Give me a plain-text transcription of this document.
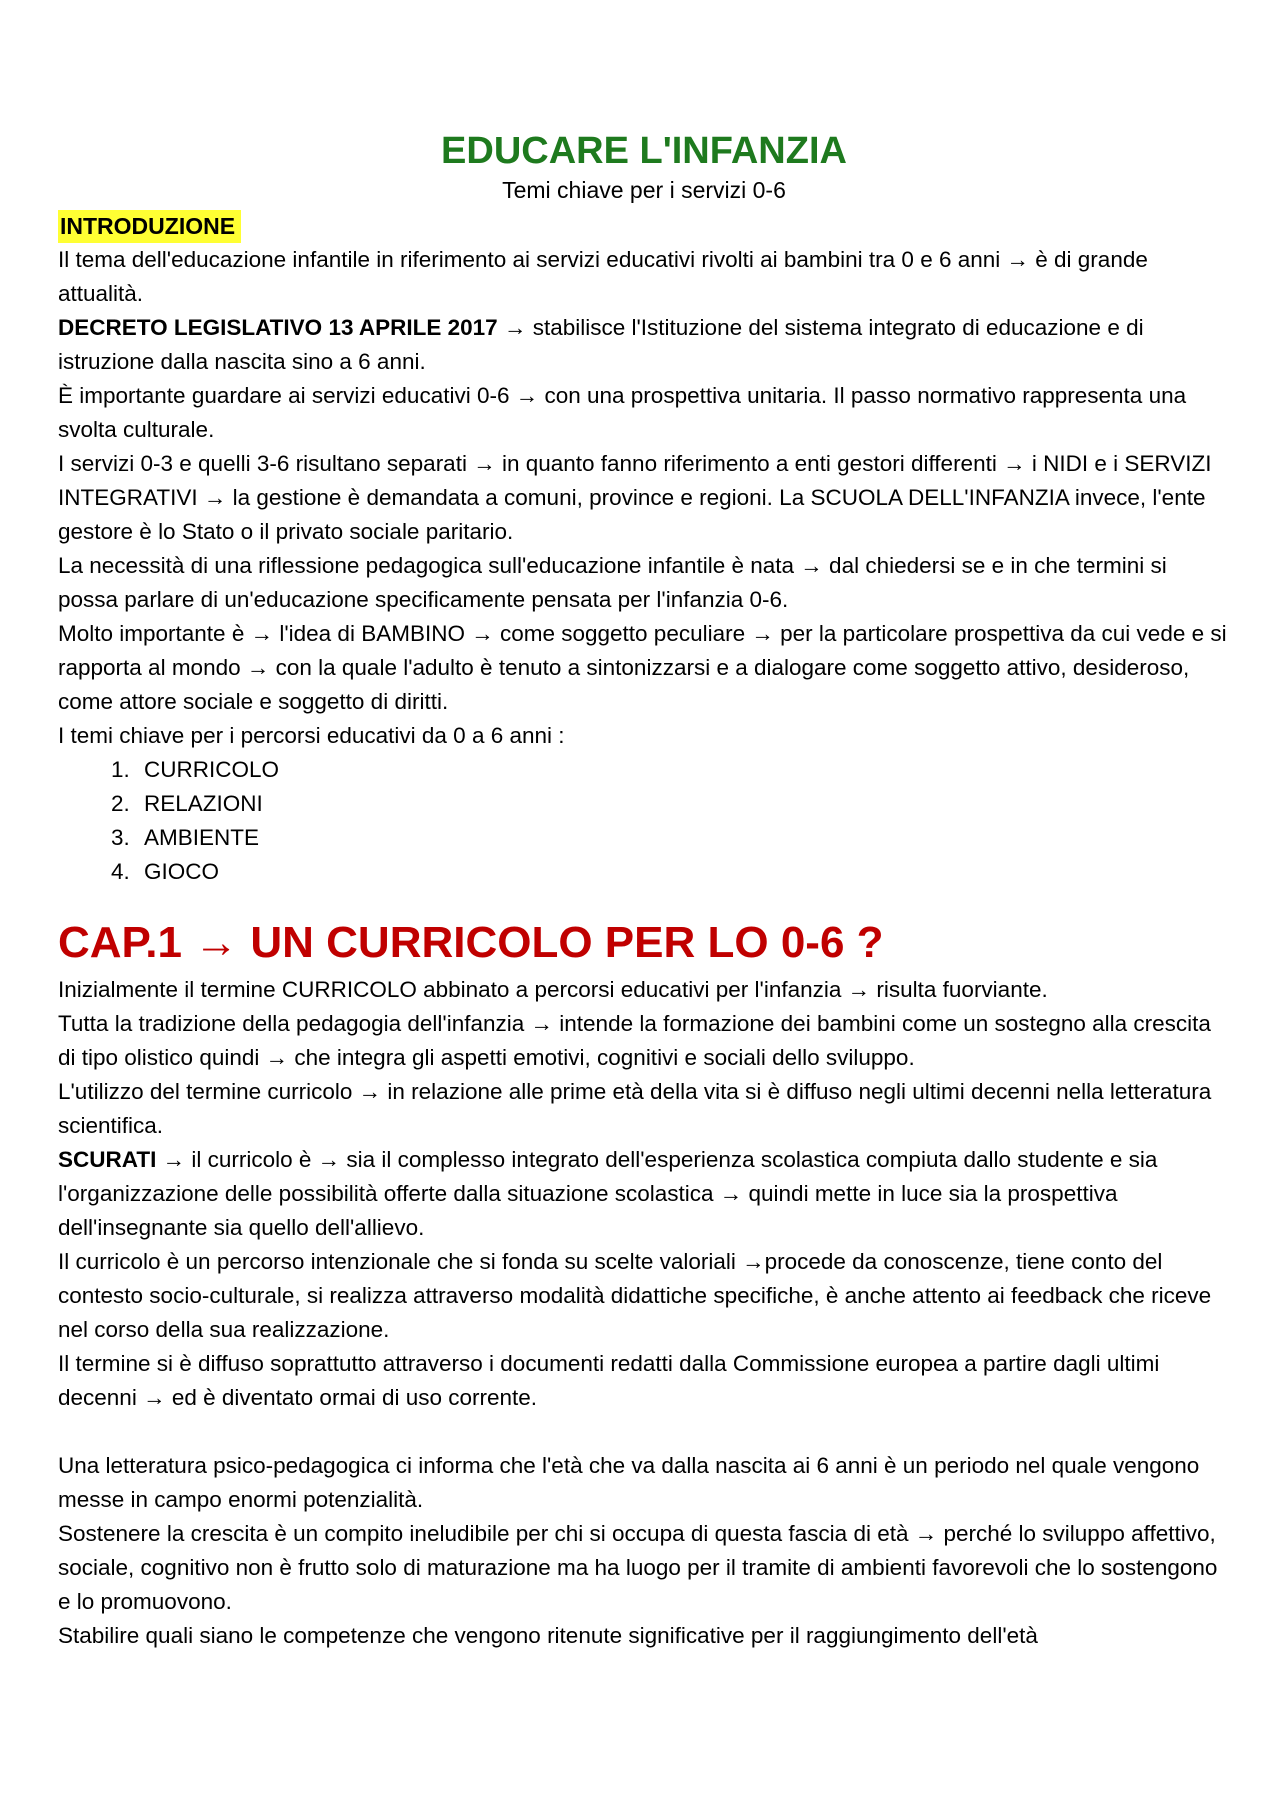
EDUCARE L'INFANZIA
Temi chiave per i servizi 0-6
INTRODUZIONE

Il tema dell'educazione infantile in riferimento ai servizi educativi rivolti ai bambini tra 0 e 6 anni → è di grande attualità.

DECRETO LEGISLATIVO 13 APRILE 2017 → stabilisce l'Istituzione del sistema integrato di educazione e di istruzione dalla nascita sino a 6 anni.

È importante guardare ai servizi educativi 0-6 → con una prospettiva unitaria. Il passo normativo rappresenta una svolta culturale.

I servizi 0-3 e quelli 3-6 risultano separati → in quanto fanno riferimento a enti gestori differenti → i NIDI e i SERVIZI INTEGRATIVI → la gestione è demandata a comuni, province e regioni. La SCUOLA DELL'INFANZIA invece, l'ente gestore è lo Stato o il privato sociale paritario.

La necessità di una riflessione pedagogica sull'educazione infantile è nata → dal chiedersi se e in che termini si possa parlare di un'educazione specificamente pensata per l'infanzia 0-6.

Molto importante è → l'idea di BAMBINO → come soggetto peculiare → per la particolare prospettiva da cui vede e si rapporta al mondo → con la quale l'adulto è tenuto a sintonizzarsi e a dialogare come soggetto attivo, desideroso, come attore sociale e soggetto di diritti.

I temi chiave per i percorsi educativi da 0 a 6 anni :

1. CURRICOLO
2. RELAZIONI
3. AMBIENTE
4. GIOCO
CAP.1 → UN CURRICOLO PER LO 0-6 ?

Inizialmente il termine CURRICOLO abbinato a percorsi educativi per l'infanzia → risulta fuorviante.

Tutta la tradizione della pedagogia dell'infanzia → intende la formazione dei bambini come un sostegno alla crescita di tipo olistico quindi → che integra gli aspetti emotivi, cognitivi e sociali dello sviluppo.

L'utilizzo del termine curricolo → in relazione alle prime età della vita si è diffuso negli ultimi decenni nella letteratura scientifica.

SCURATI → il curricolo è → sia il complesso integrato dell'esperienza scolastica compiuta dallo studente e sia l'organizzazione delle possibilità offerte dalla situazione scolastica → quindi mette in luce sia la prospettiva dell'insegnante sia quello dell'allievo.

Il curricolo è un percorso intenzionale che si fonda su scelte valoriali →procede da conoscenze, tiene conto del contesto socio-culturale, si realizza attraverso modalità didattiche specifiche, è anche attento ai feedback che riceve nel corso della sua realizzazione.

Il termine si è diffuso soprattutto attraverso i documenti redatti dalla Commissione europea a partire dagli ultimi decenni → ed è diventato ormai di uso corrente.

Una letteratura psico-pedagogica ci informa che l'età che va dalla nascita ai 6 anni è un periodo nel quale vengono messe in campo enormi potenzialità.

Sostenere la crescita è un compito ineludibile per chi si occupa di questa fascia di età → perché lo sviluppo affettivo, sociale, cognitivo non è frutto solo di maturazione ma ha luogo per il tramite di ambienti favorevoli che lo sostengono e lo promuovono.

Stabilire quali siano le competenze che vengono ritenute significative per il raggiungimento dell'età
